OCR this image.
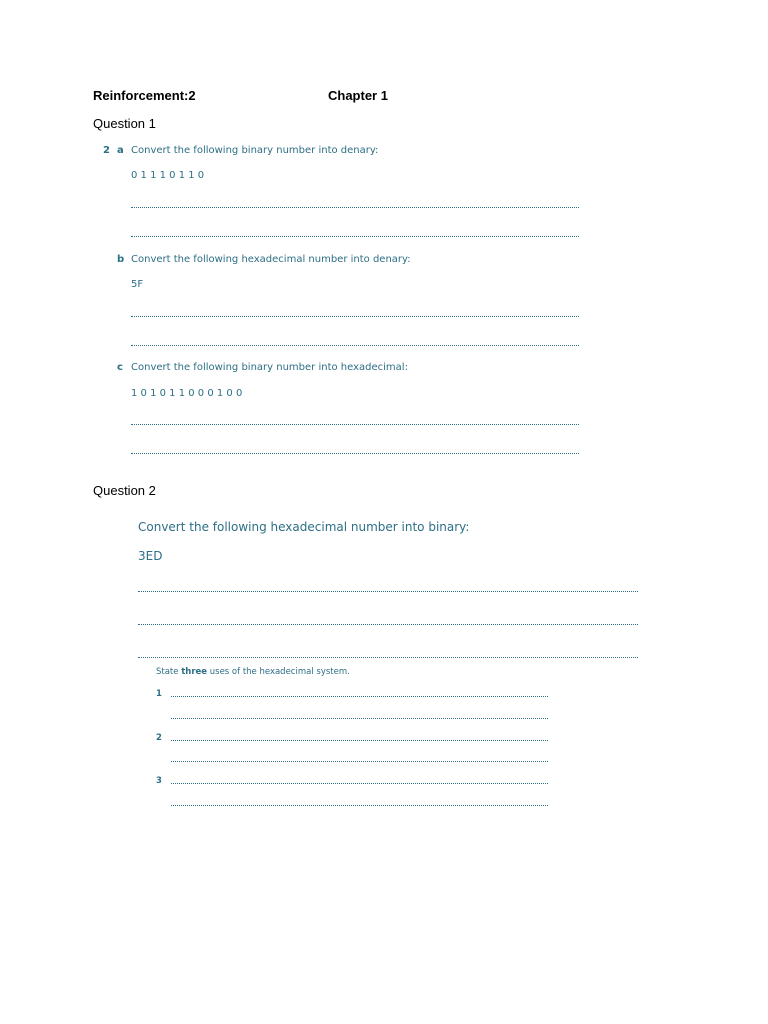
Reinforcement:2	Chapter 1
Question 1
2 a Convert the following binary number into denary:
0 1 1 1 0 1 1 0
b Convert the following hexadecimal number into denary:
5F
c Convert the following binary number into hexadecimal:
1 0 1 0 1 1 0 0 0 1 0 0
Question 2
Convert the following hexadecimal number into binary:
3ED
State three uses of the hexadecimal system.
1
2
3
